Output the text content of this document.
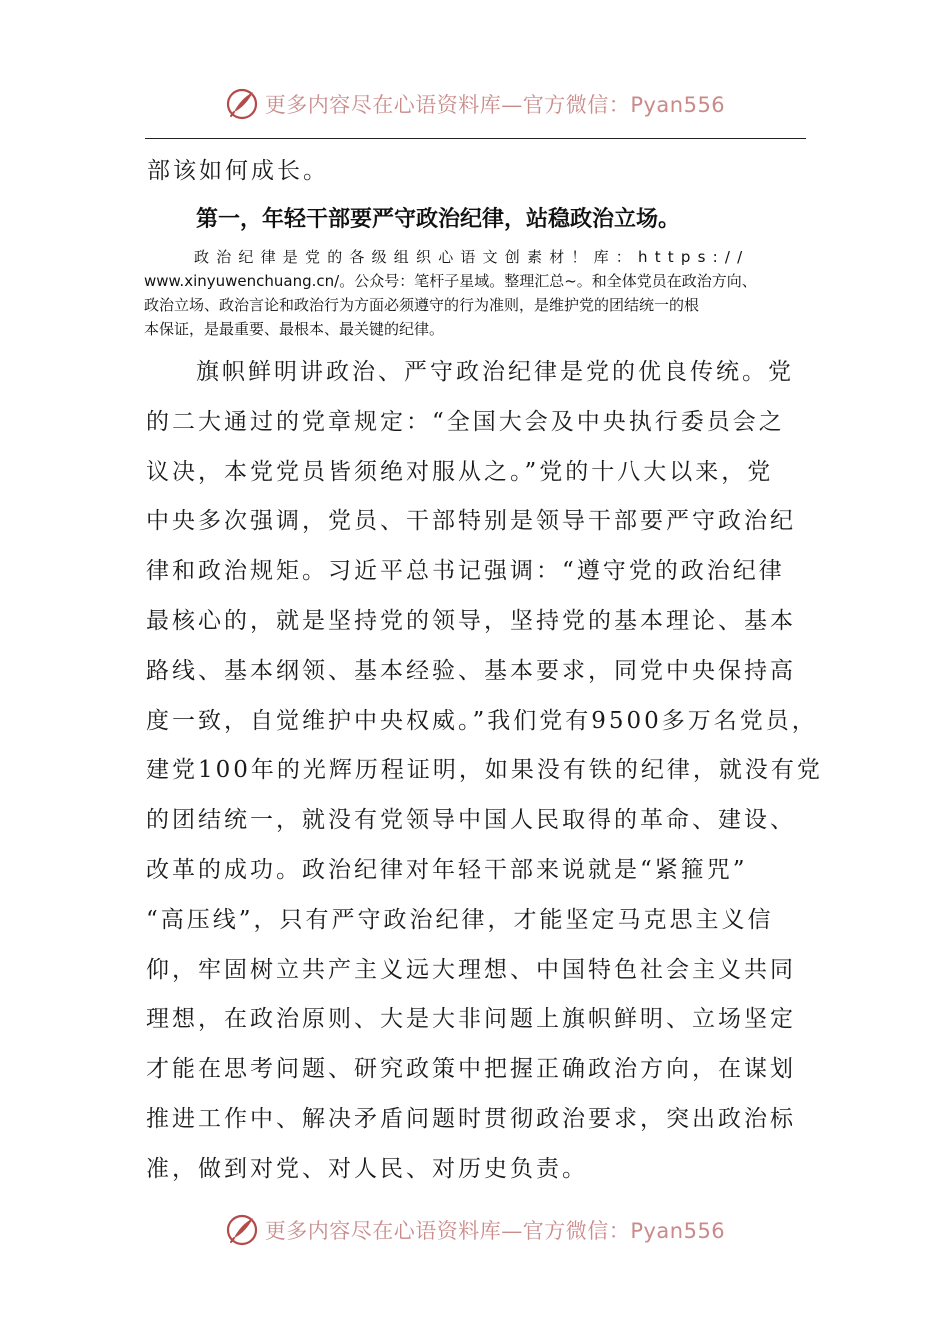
更多内容尽在心语资料库—官方微信：Pyan556
部该如何成长。
第一，年轻干部要严守政治纪律，站稳政治立场。
政治纪律是党的各级组织心语文创素材！库：https://
www.xinyuwenchuang.cn/。公众号：笔杆子星域。整理汇总~。和全体党员在政治方向、
政治立场、政治言论和政治行为方面必须遵守的行为准则，是维护党的团结统一的根
本保证，是最重要、最根本、最关键的纪律。
旗帜鲜明讲政治、严守政治纪律是党的优良传统。党
的二大通过的党章规定：“全国大会及中央执行委员会之
议决，本党党员皆须绝对服从之。”党的十八大以来，党
中央多次强调，党员、干部特别是领导干部要严守政治纪
律和政治规矩。习近平总书记强调：“遵守党的政治纪律
最核心的，就是坚持党的领导，坚持党的基本理论、基本
路线、基本纲领、基本经验、基本要求，同党中央保持高
度一致，自觉维护中央权威。”我们党有9500多万名党员，
建党100年的光辉历程证明，如果没有铁的纪律，就没有党
的团结统一，就没有党领导中国人民取得的革命、建设、
改革的成功。政治纪律对年轻干部来说就是“紧箍咒”
“高压线”，只有严守政治纪律，才能坚定马克思主义信
仰，牢固树立共产主义远大理想、中国特色社会主义共同
理想，在政治原则、大是大非问题上旗帜鲜明、立场坚定
才能在思考问题、研究政策中把握正确政治方向，在谋划
推进工作中、解决矛盾问题时贯彻政治要求，突出政治标
准，做到对党、对人民、对历史负责。
更多内容尽在心语资料库—官方微信：Pyan556
